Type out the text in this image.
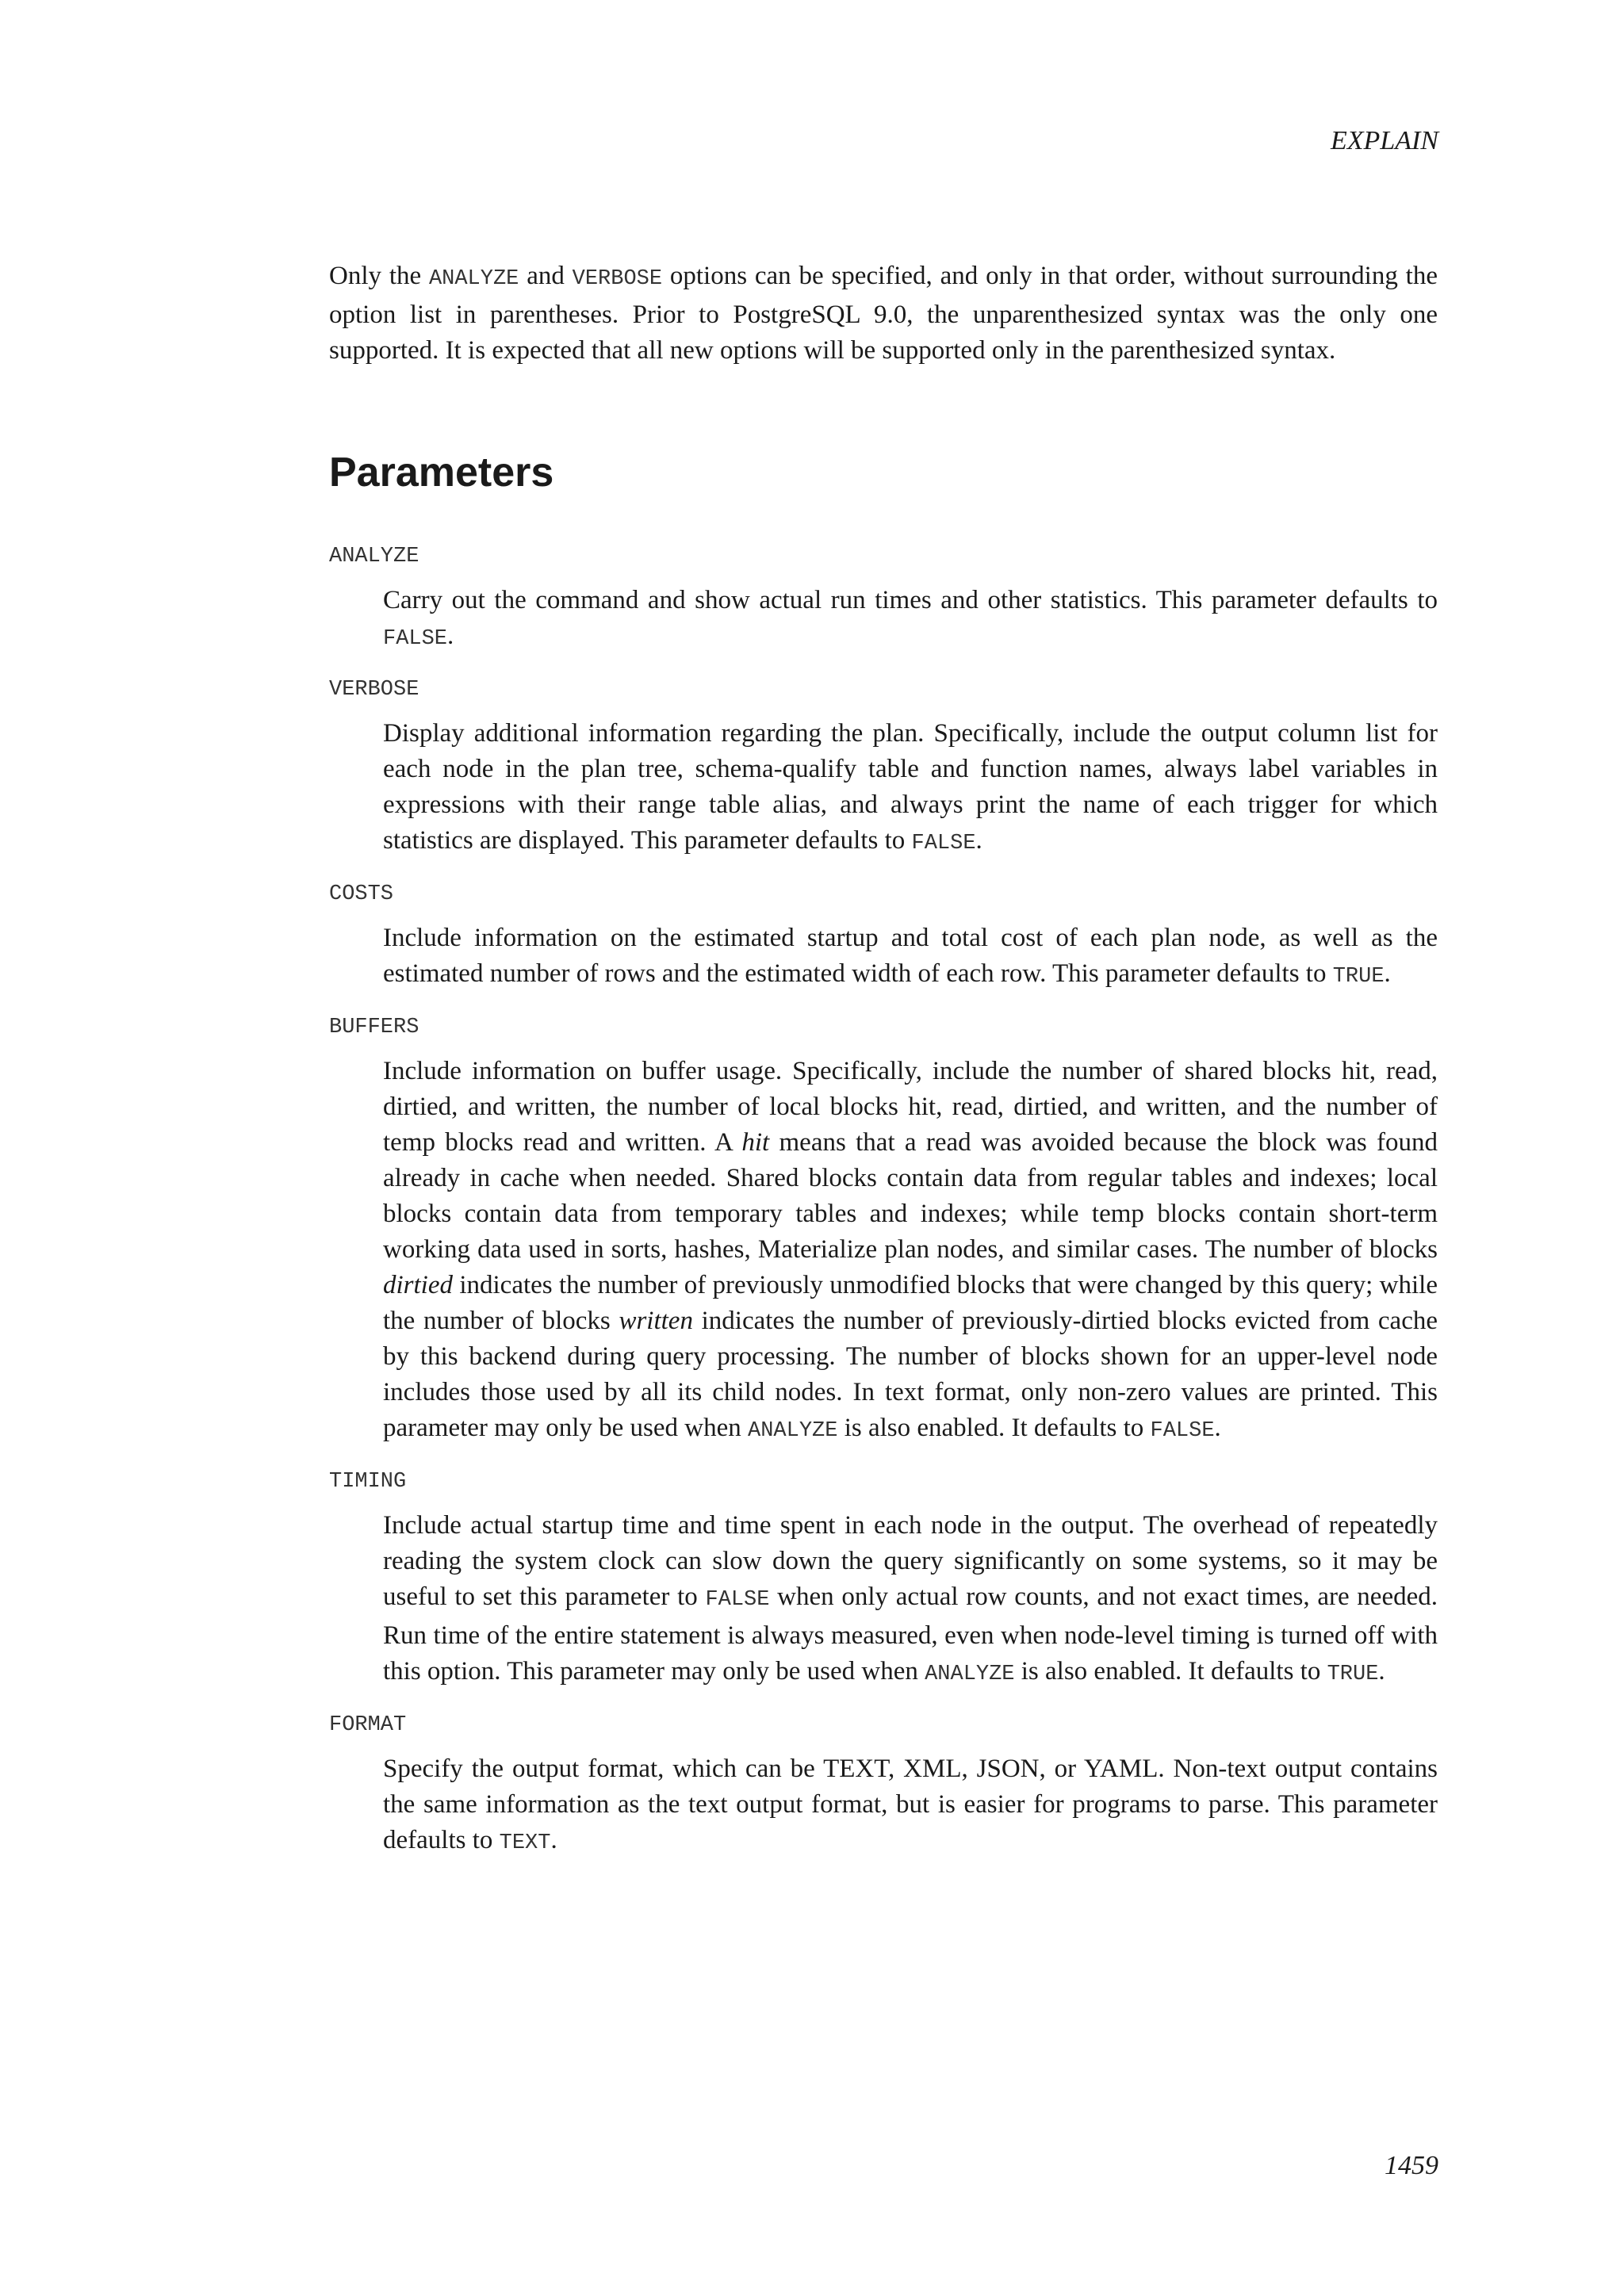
EXPLAIN

Only the ANALYZE and VERBOSE options can be specified, and only in that order, without surrounding the option list in parentheses. Prior to PostgreSQL 9.0, the unparenthesized syntax was the only one supported. It is expected that all new options will be supported only in the parenthesized syntax.

Parameters
ANALYZE

Carry out the command and show actual run times and other statistics. This parameter defaults to FALSE.

VERBOSE

Display additional information regarding the plan. Specifically, include the output column list for each node in the plan tree, schema-qualify table and function names, always label variables in expressions with their range table alias, and always print the name of each trigger for which statistics are displayed. This parameter defaults to FALSE.

COSTS

Include information on the estimated startup and total cost of each plan node, as well as the estimated number of rows and the estimated width of each row. This parameter defaults to TRUE.

BUFFERS

Include information on buffer usage. Specifically, include the number of shared blocks hit, read, dirtied, and written, the number of local blocks hit, read, dirtied, and written, and the number of temp blocks read and written. A hit means that a read was avoided because the block was found already in cache when needed. Shared blocks contain data from regular tables and indexes; local blocks contain data from temporary tables and indexes; while temp blocks contain short-term working data used in sorts, hashes, Materialize plan nodes, and similar cases. The number of blocks dirtied indicates the number of previously unmodified blocks that were changed by this query; while the number of blocks written indicates the number of previously-dirtied blocks evicted from cache by this backend during query processing. The number of blocks shown for an upper-level node includes those used by all its child nodes. In text format, only non-zero values are printed. This parameter may only be used when ANALYZE is also enabled. It defaults to FALSE.

TIMING

Include actual startup time and time spent in each node in the output. The overhead of repeatedly reading the system clock can slow down the query significantly on some systems, so it may be useful to set this parameter to FALSE when only actual row counts, and not exact times, are needed. Run time of the entire statement is always measured, even when node-level timing is turned off with this option. This parameter may only be used when ANALYZE is also enabled. It defaults to TRUE.

FORMAT

Specify the output format, which can be TEXT, XML, JSON, or YAML. Non-text output contains the same information as the text output format, but is easier for programs to parse. This parameter defaults to TEXT.

1459
